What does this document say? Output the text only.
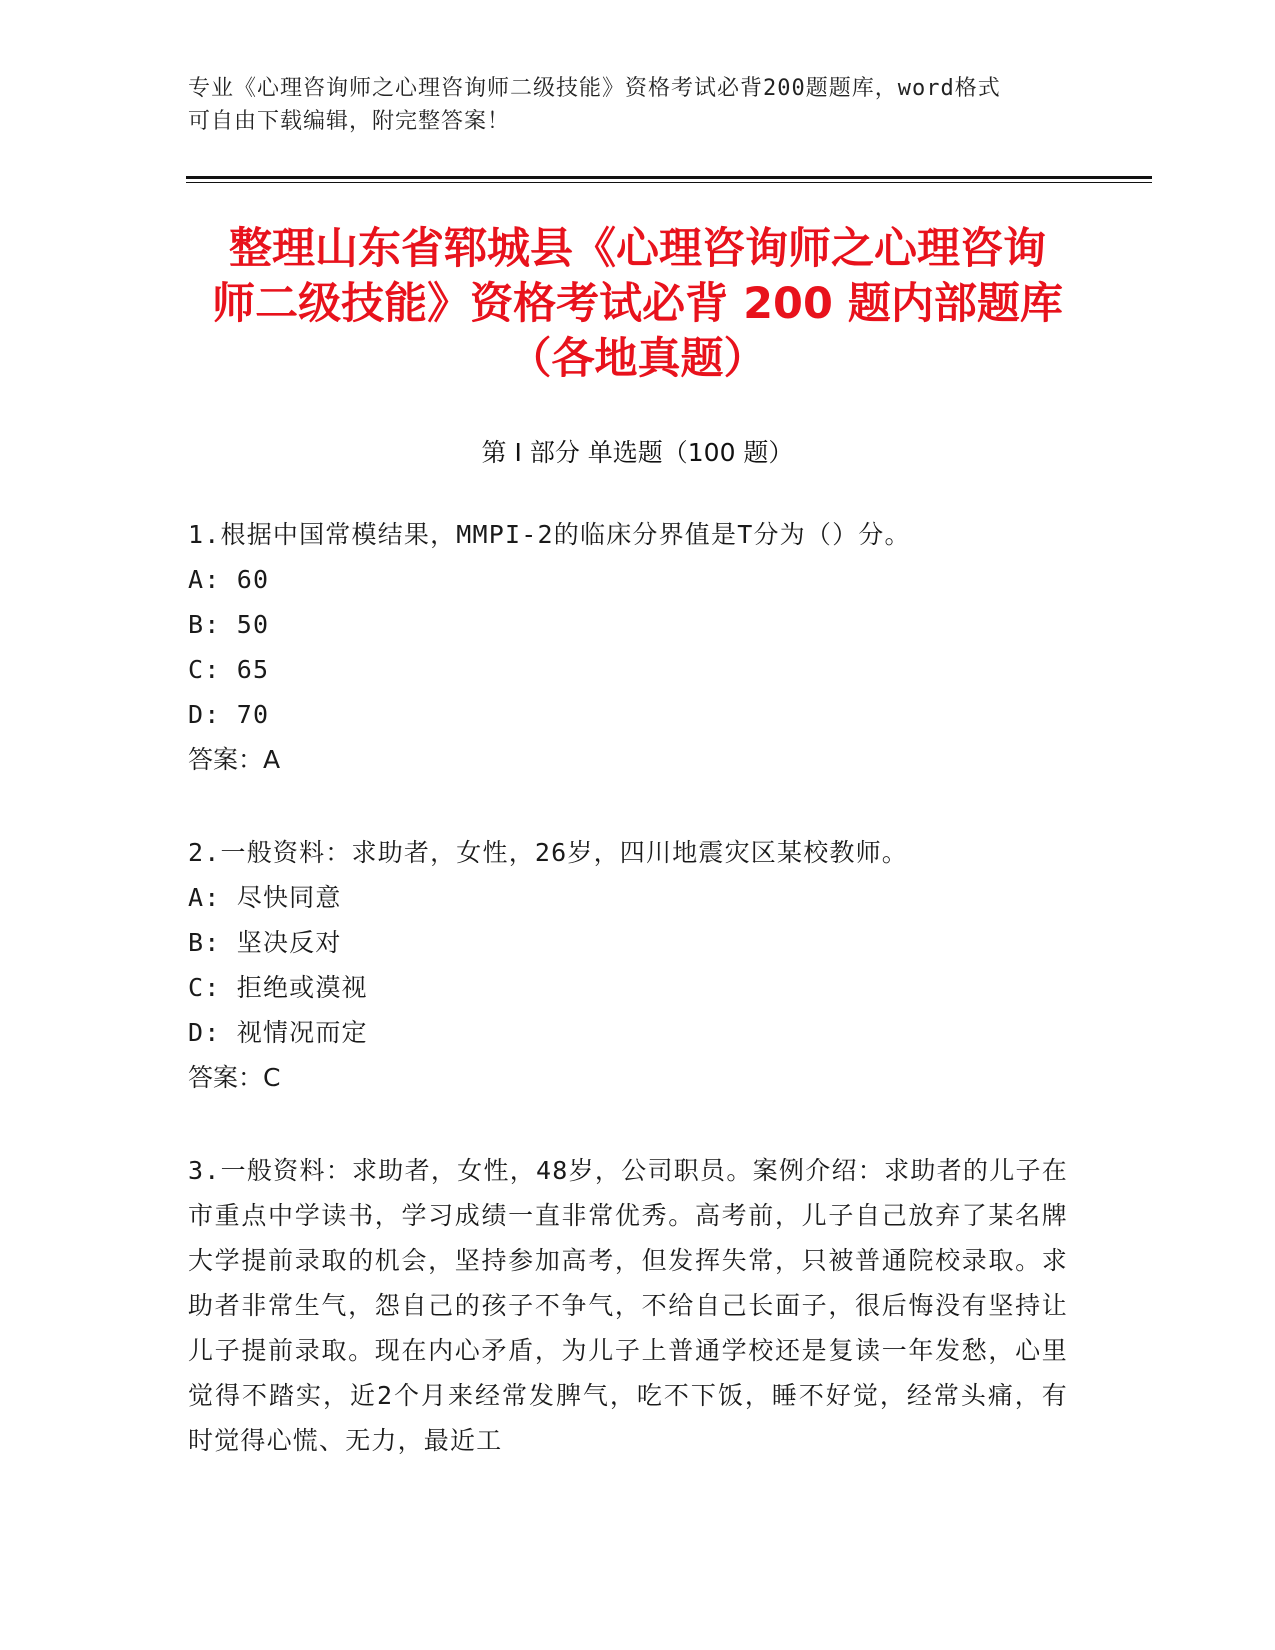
专业《心理咨询师之心理咨询师二级技能》资格考试必背200题题库，word格式
可自由下载编辑，附完整答案！
整理山东省郓城县《心理咨询师之心理咨询
师二级技能》资格考试必背 200 题内部题库
（各地真题）
第 I 部分 单选题（100 题）
1.根据中国常模结果，MMPI-2的临床分界值是T分为（）分。
A: 60
B: 50
C: 65
D: 70
答案：A
2.一般资料：求助者，女性，26岁，四川地震灾区某校教师。
A: 尽快同意
B: 坚决反对
C: 拒绝或漠视
D: 视情况而定
答案：C
3.一般资料：求助者，女性，48岁，公司职员。案例介绍：求助者的儿子在市重点中学读书，学习成绩一直非常优秀。高考前，儿子自己放弃了某名牌大学提前录取的机会，坚持参加高考，但发挥失常，只被普通院校录取。求助者非常生气，怨自己的孩子不争气，不给自己长面子，很后悔没有坚持让儿子提前录取。现在内心矛盾，为儿子上普通学校还是复读一年发愁，心里觉得不踏实，近2个月来经常发脾气，吃不下饭，睡不好觉，经常头痛，有时觉得心慌、无力，最近工
